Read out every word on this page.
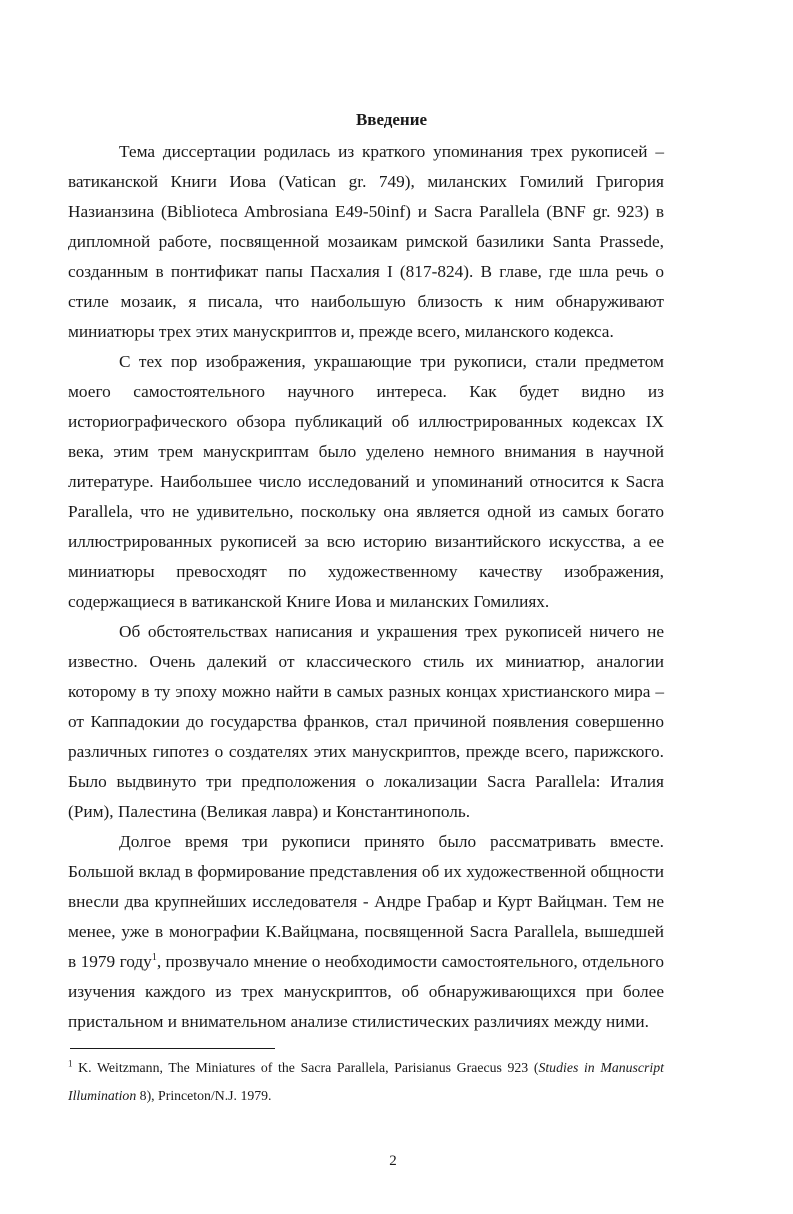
Введение

Тема диссертации родилась из краткого упоминания трех рукописей – ватиканской Книги Иова (Vatican gr. 749), миланских Гомилий Григория Назианзина (Biblioteca Ambrosiana E49-50inf) и Sacra Parallela (BNF gr. 923) в дипломной работе, посвященной мозаикам римской базилики Santa Prassede, созданным в понтификат папы Пасхалия I (817-824). В главе, где шла речь о стиле мозаик, я писала, что наибольшую близость к ним обнаруживают миниатюры трех этих манускриптов и, прежде всего, миланского кодекса.

С тех пор изображения, украшающие три рукописи, стали предметом моего самостоятельного научного интереса. Как будет видно из историографического обзора публикаций об иллюстрированных кодексах IX века, этим трем манускриптам было уделено немного внимания в научной литературе. Наибольшее число исследований и упоминаний относится к Sacra Parallela, что не удивительно, поскольку она является одной из самых богато иллюстрированных рукописей за всю историю византийского искусства, а ее миниатюры превосходят по художественному качеству изображения, содержащиеся в ватиканской Книге Иова и миланских Гомилиях.

Об обстоятельствах написания и украшения трех рукописей ничего не известно. Очень далекий от классического стиль их миниатюр, аналогии которому в ту эпоху можно найти в самых разных концах христианского мира – от Каппадокии до государства франков, стал причиной появления совершенно различных гипотез о создателях этих манускриптов, прежде всего, парижского. Было выдвинуто три предположения о локализации Sacra Parallela: Италия (Рим), Палестина (Великая лавра) и Константинополь.

Долгое время три рукописи принято было рассматривать вместе. Большой вклад в формирование представления об их художественной общности внесли два крупнейших исследователя - Андре Грабар и Курт Вайцман. Тем не менее, уже в монографии К.Вайцмана, посвященной Sacra Parallela, вышедшей в 1979 году$^1$, прозвучало мнение о необходимости самостоятельного, отдельного изучения каждого из трех манускриптов, об обнаруживающихся при более пристальном и внимательном анализе стилистических различиях между ними.

$^1$ K. Weitzmann, The Miniatures of the Sacra Parallela, Parisianus Graecus 923 (Studies in Manuscript Illumination 8), Princeton/N.J. 1979.
2
